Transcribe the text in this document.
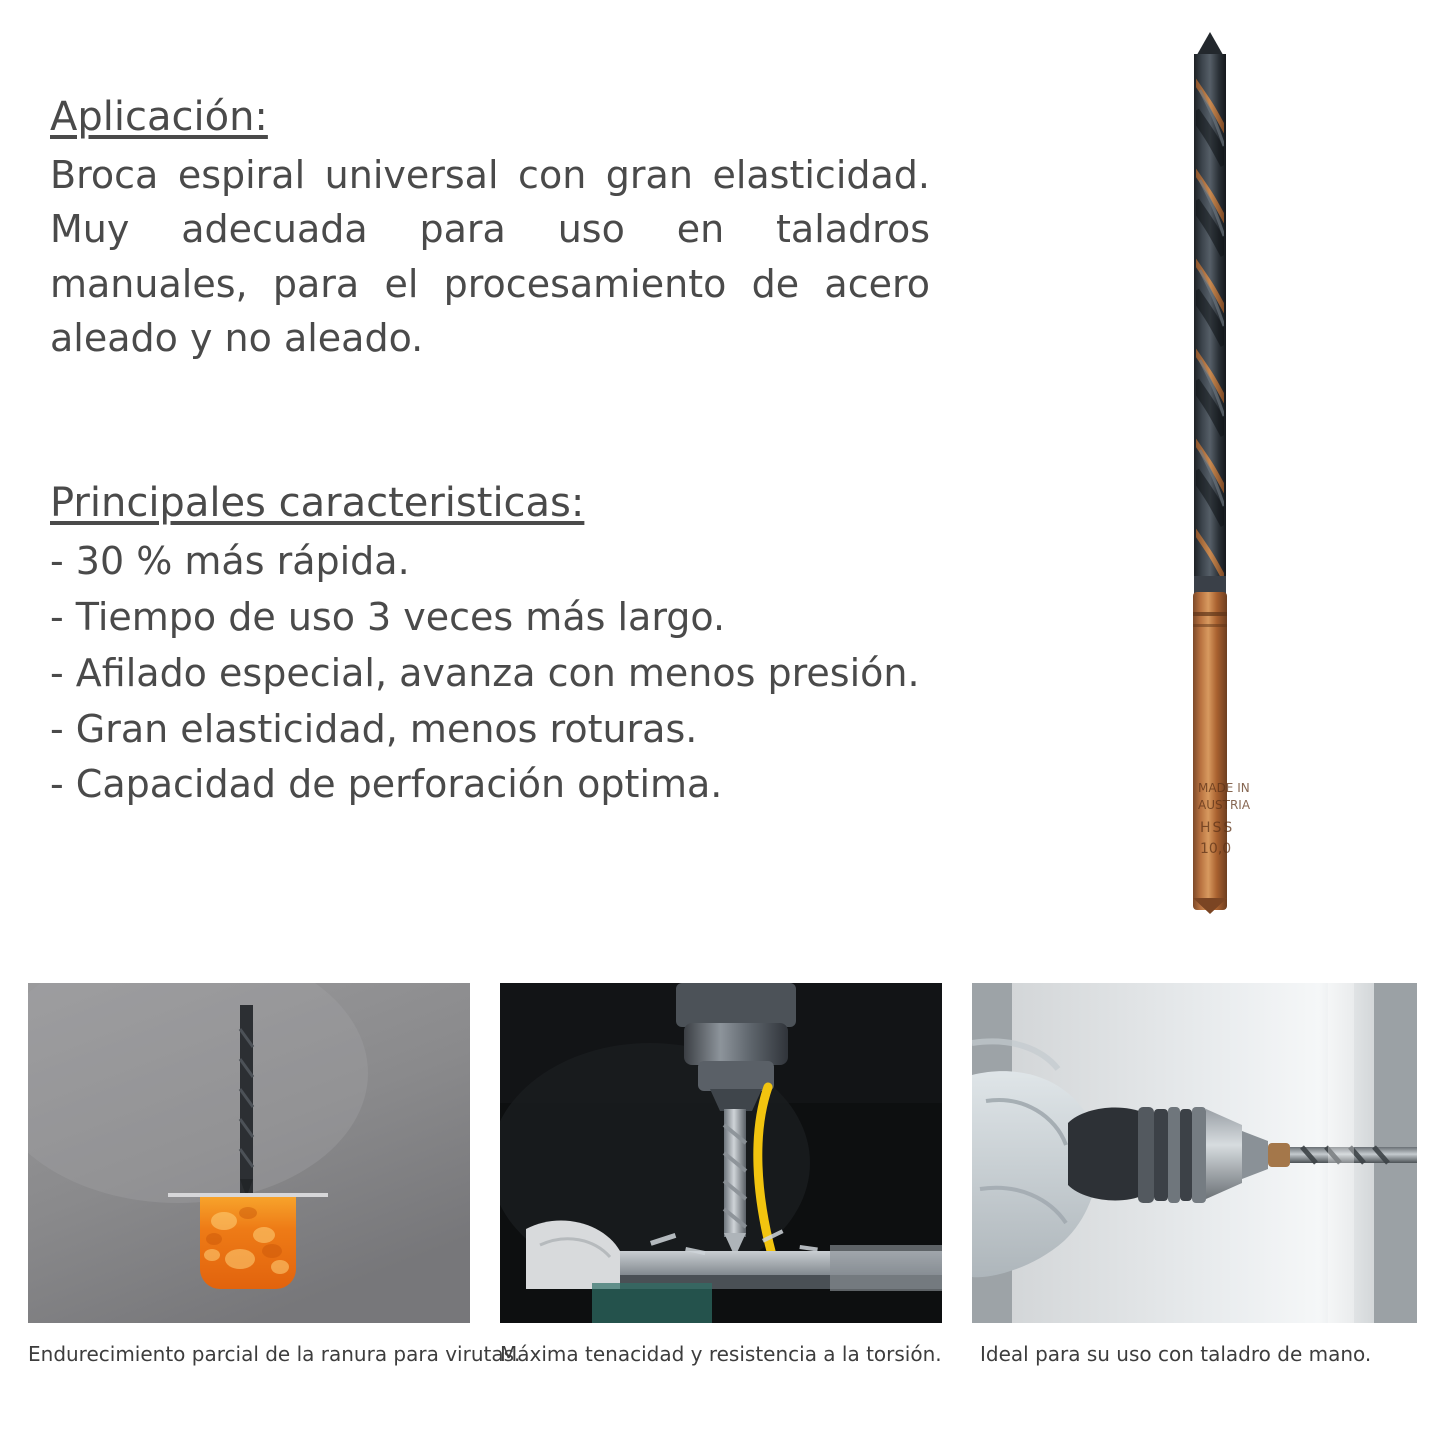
Aplicación:

Broca espiral universal con gran elasticidad. Muy adecuada para uso en taladros manuales, para el procesamiento de acero aleado y no aleado.

Principales caracteristicas:
- 30 % más rápida.
- Tiempo de uso 3 veces más largo.
- Afilado especial, avanza con menos presión.
- Gran elasticidad, menos roturas.
- Capacidad de perforación optima.	MADE IN
AUSTRIA
HSS
10,0
Endurecimiento parcial de la ranura para virutas.
Máxima tenacidad y resistencia a la torsión. Ideal para su uso con taladro de mano.
